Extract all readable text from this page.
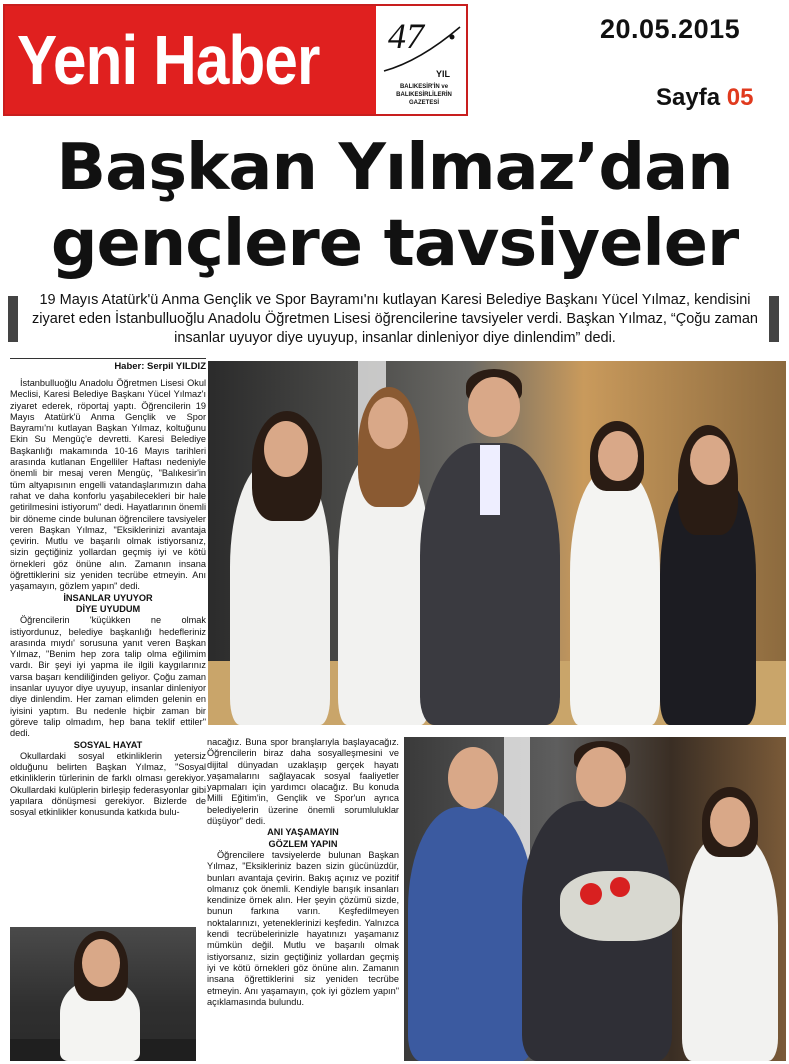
Yeni Haber 47
YIL
BALIKESİR'İN ve BALIKESİRLİLERİN GAZETESİ
20.05.2015
Sayfa 05
Başkan Yılmaz’dan
gençlere tavsiyeler
19 Mayıs Atatürk'ü Anma Gençlik ve Spor Bayramı'nı kutlayan Karesi Belediye Başkanı Yücel Yılmaz, kendisini ziyaret eden İstanbulluoğlu Anadolu Öğretmen Lisesi öğrencilerine tavsiyeler verdi. Başkan Yılmaz, “Çoğu zaman insanlar uyuyor diye uyuyup, insanlar dinleniyor diye dinlendim” dedi.
Haber: Serpil YILDIZ

İstanbulluoğlu Anadolu Öğretmen Lisesi Okul Meclisi, Karesi Belediye Başkanı Yücel Yılmaz'ı ziyaret ederek, röportaj yaptı. Öğrencilerin 19 Mayıs Atatürk'ü Anma Gençlik ve Spor Bayramı'nı kutlayan Başkan Yılmaz, koltuğunu Ekin Su Mengüç'e devretti. Karesi Belediye Başkanlığı makamında 10-16 Mayıs tarihleri arasında kutlanan Engelliler Haftası nedeniyle önemli bir mesaj veren Mengüç, "Balıkesir'in tüm altyapısının engelli vatandaşlarımızın daha rahat ve daha konforlu yaşabilecekleri bir hale getirilmesini istiyorum" dedi. Hayatlarının önemli bir döneme cinde bulunan öğrencilere tavsiyeler veren Başkan Yılmaz, "Eksiklerinizi avantaja çevirin. Mutlu ve başarılı olmak istiyorsanız, sizin geçtiğiniz yollardan geçmiş iyi ve kötü örnekleri göz önüne alın. Zamanın insana öğrettiklerini siz yeniden tecrübe etmeyin. Anı yaşamayın, gözlem yapın" dedi.

İNSANLAR UYUYOR

DİYE UYUDUM

Öğrencilerin 'küçükken ne olmak istiyordunuz, belediye başkanlığı hedefleriniz arasında mıydı' sorusuna yanıt veren Başkan Yılmaz, "Benim hep zora talip olma eğilimim vardı. Bir şeyi iyi yapma ile ilgili kaygılarınız varsa başarı kendiliğinden geliyor. Çoğu zaman insanlar uyuyor diye uyuyup, insanlar dinleniyor diye dinlendim. Her zaman elimden gelenin en iyisini yaptım. Bu nedenle hiçbir zaman bir göreve talip olmadım, hep bana teklif ettiler" dedi.

SOSYAL HAYAT

Okullardaki sosyal etkinliklerin yetersiz olduğunu belirten Başkan Yılmaz, "Sosyal etkinliklerin türlerinin de farklı olması gerekiyor. Okullardaki kulüplerin birleşip federasyonlar gibi yapılara dönüşmesi gerekiyor. Bizlerde de sosyal etkinlikler konusunda katkıda bulu-

nacağız. Buna spor branşlarıyla başlayacağız. Öğrencilerin biraz daha sosyalleşmesini ve dijital dünyadan uzaklaşıp gerçek hayatı yaşamalarını sağlayacak sosyal faaliyetler yapmaları için yardımcı olacağız. Bu konuda Milli Eğitim'in, Gençlik ve Spor'un ayrıca belediyelerin üzerine önemli sorumluluklar düşüyor" dedi.

ANI YAŞAMAYIN

GÖZLEM YAPIN

Öğrencilere tavsiyelerde bulunan Başkan Yılmaz, "Eksikleriniz bazen sizin gücünüzdür, bunları avantaja çevirin. Bakış açınız ve pozitif olmanız çok önemli. Kendiyle barışık insanları kendinize örnek alın. Her şeyin çözümü sizde, bunun farkına varın. Keşfedilmeyen noktalarınızı, yeteneklerinizi keşfedin. Yalnızca kendi tecrübelerinizle hayatınızı yaşamanız mümkün değil. Mutlu ve başarılı olmak istiyorsanız, sizin geçtiğiniz yollardan geçmiş iyi ve kötü örnekleri göz önüne alın. Zamanın insana öğrettiklerini siz yeniden tecrübe etmeyin. Anı yaşamayın, çok iyi gözlem yapın" açıklamasında bulundu.
